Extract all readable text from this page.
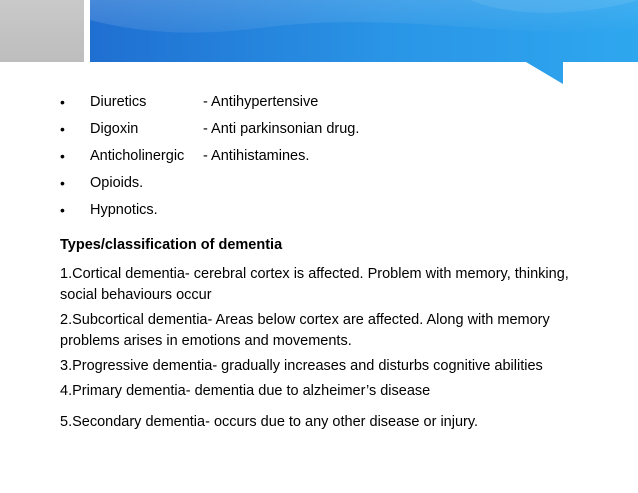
•	Diuretics	- Antihypertensive
•	Digoxin	- Anti parkinsonian drug.
•	Anticholinergic	- Antihistamines.
•	Opioids.
•	Hypnotics.
Types/classification of dementia

1.Cortical dementia- cerebral cortex is affected. Problem with memory, thinking, social behaviours occur

2.Subcortical dementia- Areas below cortex are affected. Along with memory problems arises in emotions and movements.

3.Progressive dementia- gradually increases and disturbs cognitive abilities

4.Primary dementia- dementia due to alzheimer’s disease

5.Secondary dementia- occurs due to any other disease or injury.
